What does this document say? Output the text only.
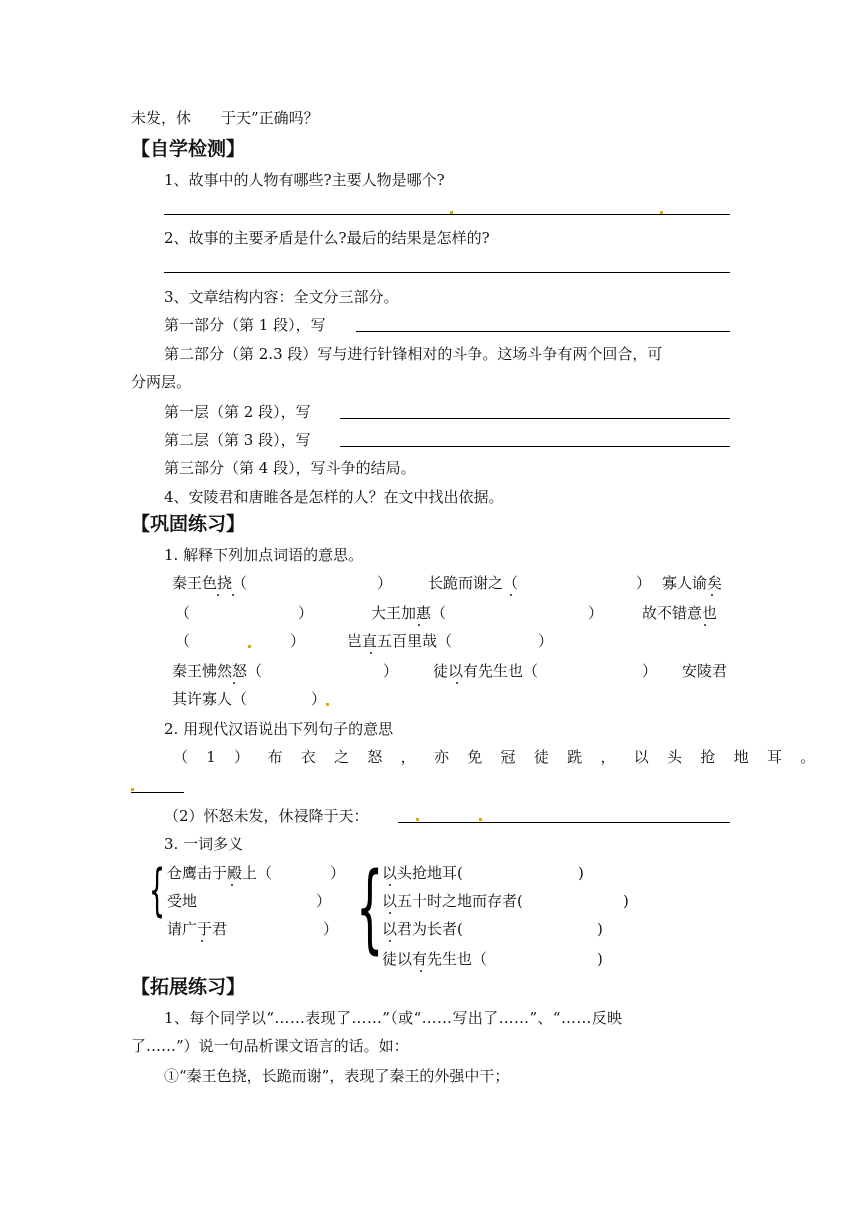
未发，休　　于天”正确吗？
【自学检测】
1、故事中的人物有哪些?主要人物是哪个?
2、故事的主要矛盾是什么?最后的结果是怎样的?
3、文章结构内容：全文分三部分。
第一部分（第 1 段），写
第二部分（第 2.3 段）写与进行针锋相对的斗争。这场斗争有两个回合，可
分两层。
第一层（第 2 段），写
第二层（第 3 段），写
第三部分（第 4 段），写斗争的结局。
4、安陵君和唐睢各是怎样的人？在文中找出依据。
【巩固练习】
1. 解释下列加点词语的意思。
秦王色挠（	） 长跪而谢之（	） 寡人谕矣
（	）	大王加惠（	）	故不错意也
（	）	岂直五百里哉（	）
秦王怫然怒（	） 徒以有先生也（	） 安陵君
其许寡人（	）
2. 用现代汉语说出下列句子的意思
（1）布衣之怒，亦免冠徒跣，以头抢地耳。
（2）怀怒未发，休祲降于天：
3. 一词多义
仓鹰击于殿上（	）
{ 受地	）
请广于君	） {
以头抢地耳(	)
以五十时之地而存者(	)
以君为长者(	)
徒以有先生也（	)
【拓展练习】
1、每个同学以“……表现了……”（或“……写出了……”、“……反映
了……”）说一句品析课文语言的话。如：
①“秦王色挠，长跪而谢”，表现了秦王的外强中干；
